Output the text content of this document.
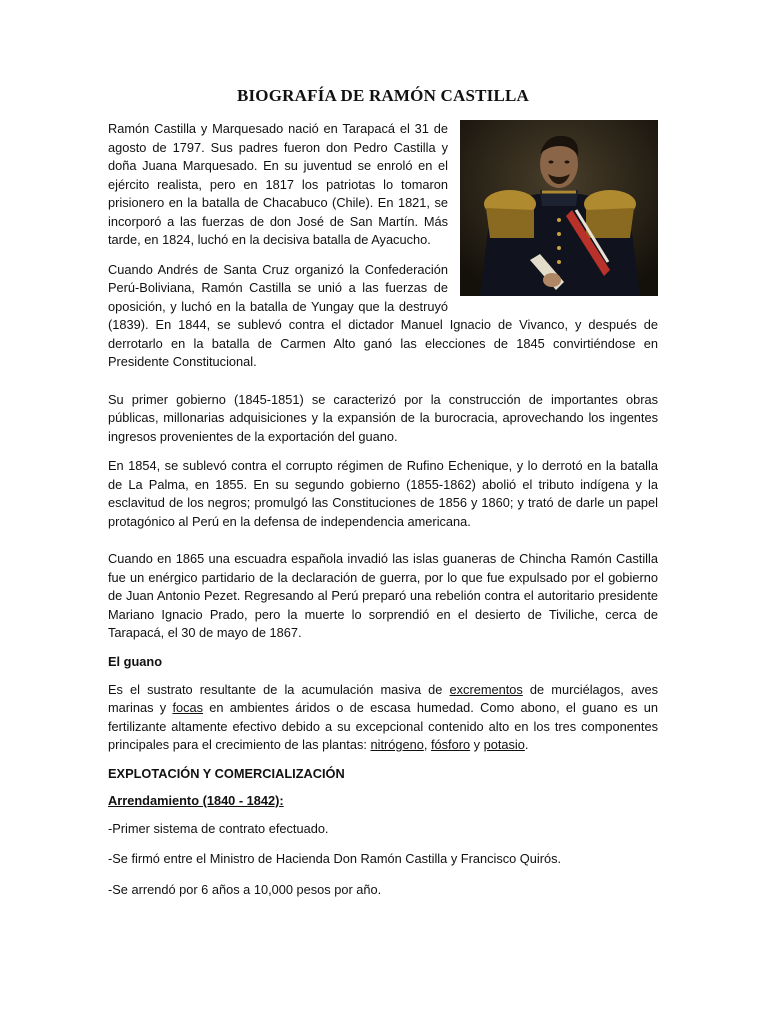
BIOGRAFÍA DE RAMÓN CASTILLA

Ramón Castilla y Marquesado nació en Tarapacá el 31 de agosto de 1797. Sus padres fueron don Pedro Castilla y doña Juana Marquesado. En su juventud se enroló en el ejército realista, pero en 1817 los patriotas lo tomaron prisionero en la batalla de Chacabuco (Chile). En 1821, se incorporó a las fuerzas de don José de San Martín. Más tarde, en 1824, luchó en la decisiva batalla de Ayacucho.

Cuando Andrés de Santa Cruz organizó la Confederación Perú-Boliviana, Ramón Castilla se unió a las fuerzas de oposición, y luchó en la batalla de Yungay que la destruyó (1839). En 1844, se sublevó contra el dictador Manuel Ignacio de Vivanco, y después de derrotarlo en la batalla de Carmen Alto ganó las elecciones de 1845 convirtiéndose en Presidente Constitucional.

Su primer gobierno (1845-1851) se caracterizó por la construcción de importantes obras públicas, millonarias adquisiciones y la expansión de la burocracia, aprovechando los ingentes ingresos provenientes de la exportación del guano.

En 1854, se sublevó contra el corrupto régimen de Rufino Echenique, y lo derrotó en la batalla de La Palma, en 1855. En su segundo gobierno (1855-1862) abolió el tributo indígena y la esclavitud de los negros; promulgó las Constituciones de 1856 y 1860; y trató de darle un papel protagónico al Perú en la defensa de independencia americana.

Cuando en 1865 una escuadra española invadió las islas guaneras de Chincha Ramón Castilla fue un enérgico partidario de la declaración de guerra, por lo que fue expulsado por el gobierno de Juan Antonio Pezet. Regresando al Perú preparó una rebelión contra el autoritario presidente Mariano Ignacio Prado, pero la muerte lo sorprendió en el desierto de Tiviliche, cerca de Tarapacá, el 30 de mayo de 1867.

El guano

Es el sustrato resultante de la acumulación masiva de excrementos de murciélagos, aves marinas y focas en ambientes áridos o de escasa humedad. Como abono, el guano es un fertilizante altamente efectivo debido a su excepcional contenido alto en los tres componentes principales para el crecimiento de las plantas: nitrógeno, fósforo y potasio.

EXPLOTACIÓN Y COMERCIALIZACIÓN
Arrendamiento (1840 - 1842):

-Primer sistema de contrato efectuado.

-Se firmó entre el Ministro de Hacienda Don Ramón Castilla y Francisco Quirós.

-Se arrendó por 6 años a 10,000 pesos por año.
